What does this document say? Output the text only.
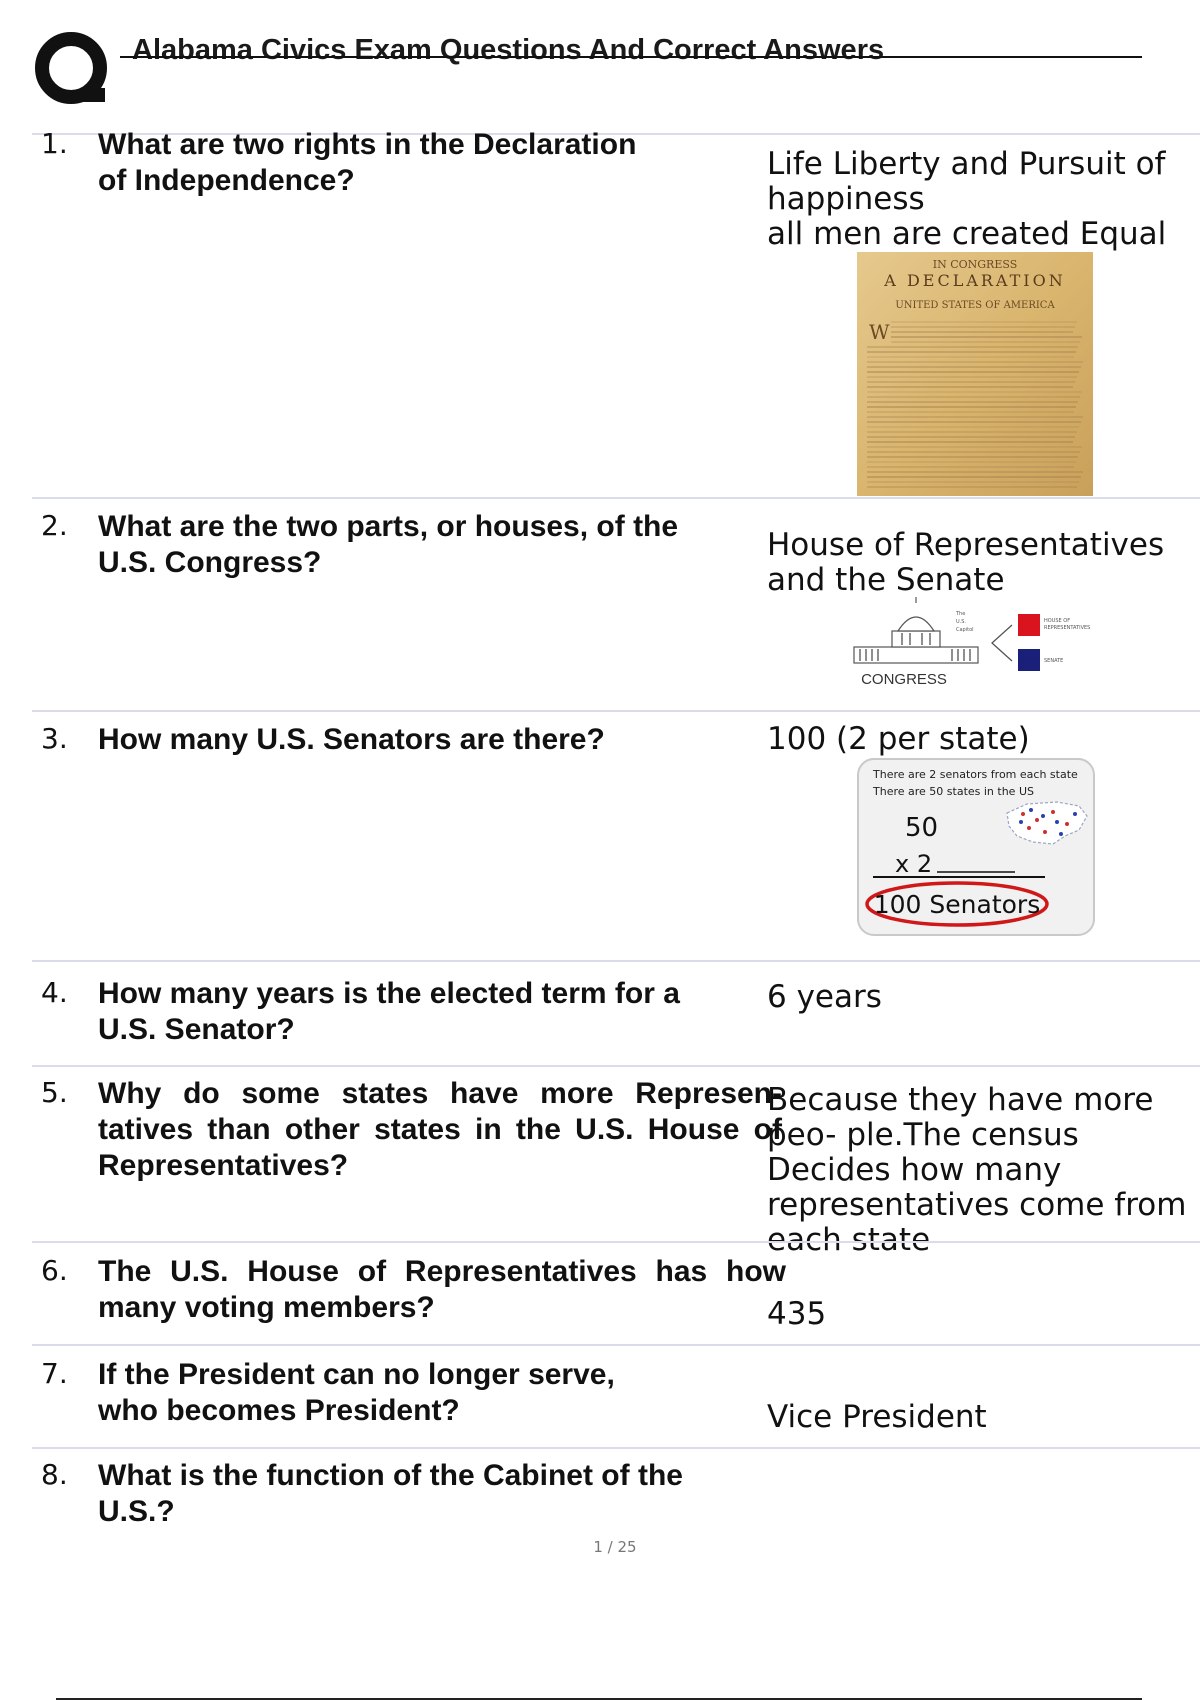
Alabama Civics Exam Questions And Correct Answers
1. What are two rights in the Declaration
of Independence?	Life Liberty and Pursuit of
happiness
all men are created Equal
IN CONGRESS
A DECLARATION
UNITED STATES OF AMERICA
W
2. What are the two parts, or houses, of the
U.S. Congress?	House of Representatives
and the Senate
The
U.S.
Capitol
HOUSE OF
REPRESENTATIVES
SENATE
CONGRESS
3. How many U.S. Senators are there?	100 (2 per state)
There are 2 senators from each state
There are 50 states in the US
50
x 2
100 Senators
4. How many years is the elected term for a
U.S. Senator?
6 years
5. Why do some states have more Represen- tatives than other states in the U.S. House of Representatives?
Because they have more
peo- ple.The census
Decides how many
representatives come from
each state
6. The U.S. House of Representatives has how many voting members?	435
7. If the President can no longer serve,
who becomes President?	Vice President
8. What is the function of the Cabinet of the
U.S.?
1 / 25
